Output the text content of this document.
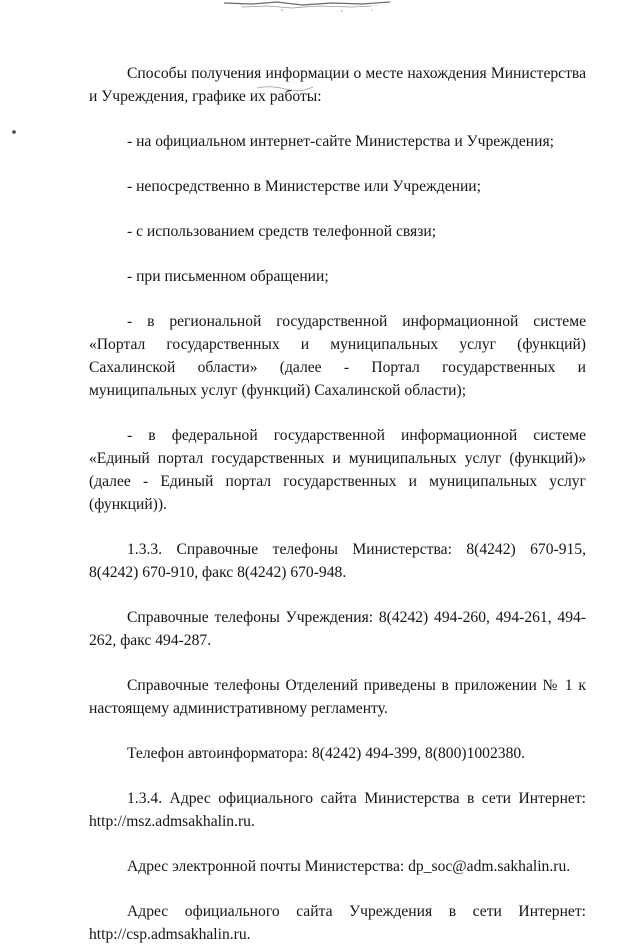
Способы получения информации о месте нахождения Министерства и Учреждения, графике их работы:

- на официальном интернет-сайте Министерства и Учреждения;

- непосредственно в Министерстве или Учреждении;

- с использованием средств телефонной связи;

- при письменном обращении;

- в региональной государственной информационной системе «Портал государственных и муниципальных услуг (функций) Сахалинской области» (далее - Портал государственных и муниципальных услуг (функций) Сахалинской области);

- в федеральной государственной информационной системе «Единый портал государственных и муниципальных услуг (функций)» (далее - Единый портал государственных и муниципальных услуг (функций)).

1.3.3. Справочные телефоны Министерства: 8(4242) 670-915, 8(4242) 670-910, факс 8(4242) 670-948.

Справочные телефоны Учреждения: 8(4242) 494-260, 494-261, 494-262, факс 494-287.

Справочные телефоны Отделений приведены в приложении № 1 к настоящему административному регламенту.

Телефон автоинформатора: 8(4242) 494-399, 8(800)1002380.

1.3.4. Адрес официального сайта Министерства в сети Интернет: http://msz.admsakhalin.ru.

Адрес электронной почты Министерства: dp_soc@adm.sakhalin.ru.

Адрес официального сайта Учреждения в сети Интернет: http://csp.admsakhalin.ru.
